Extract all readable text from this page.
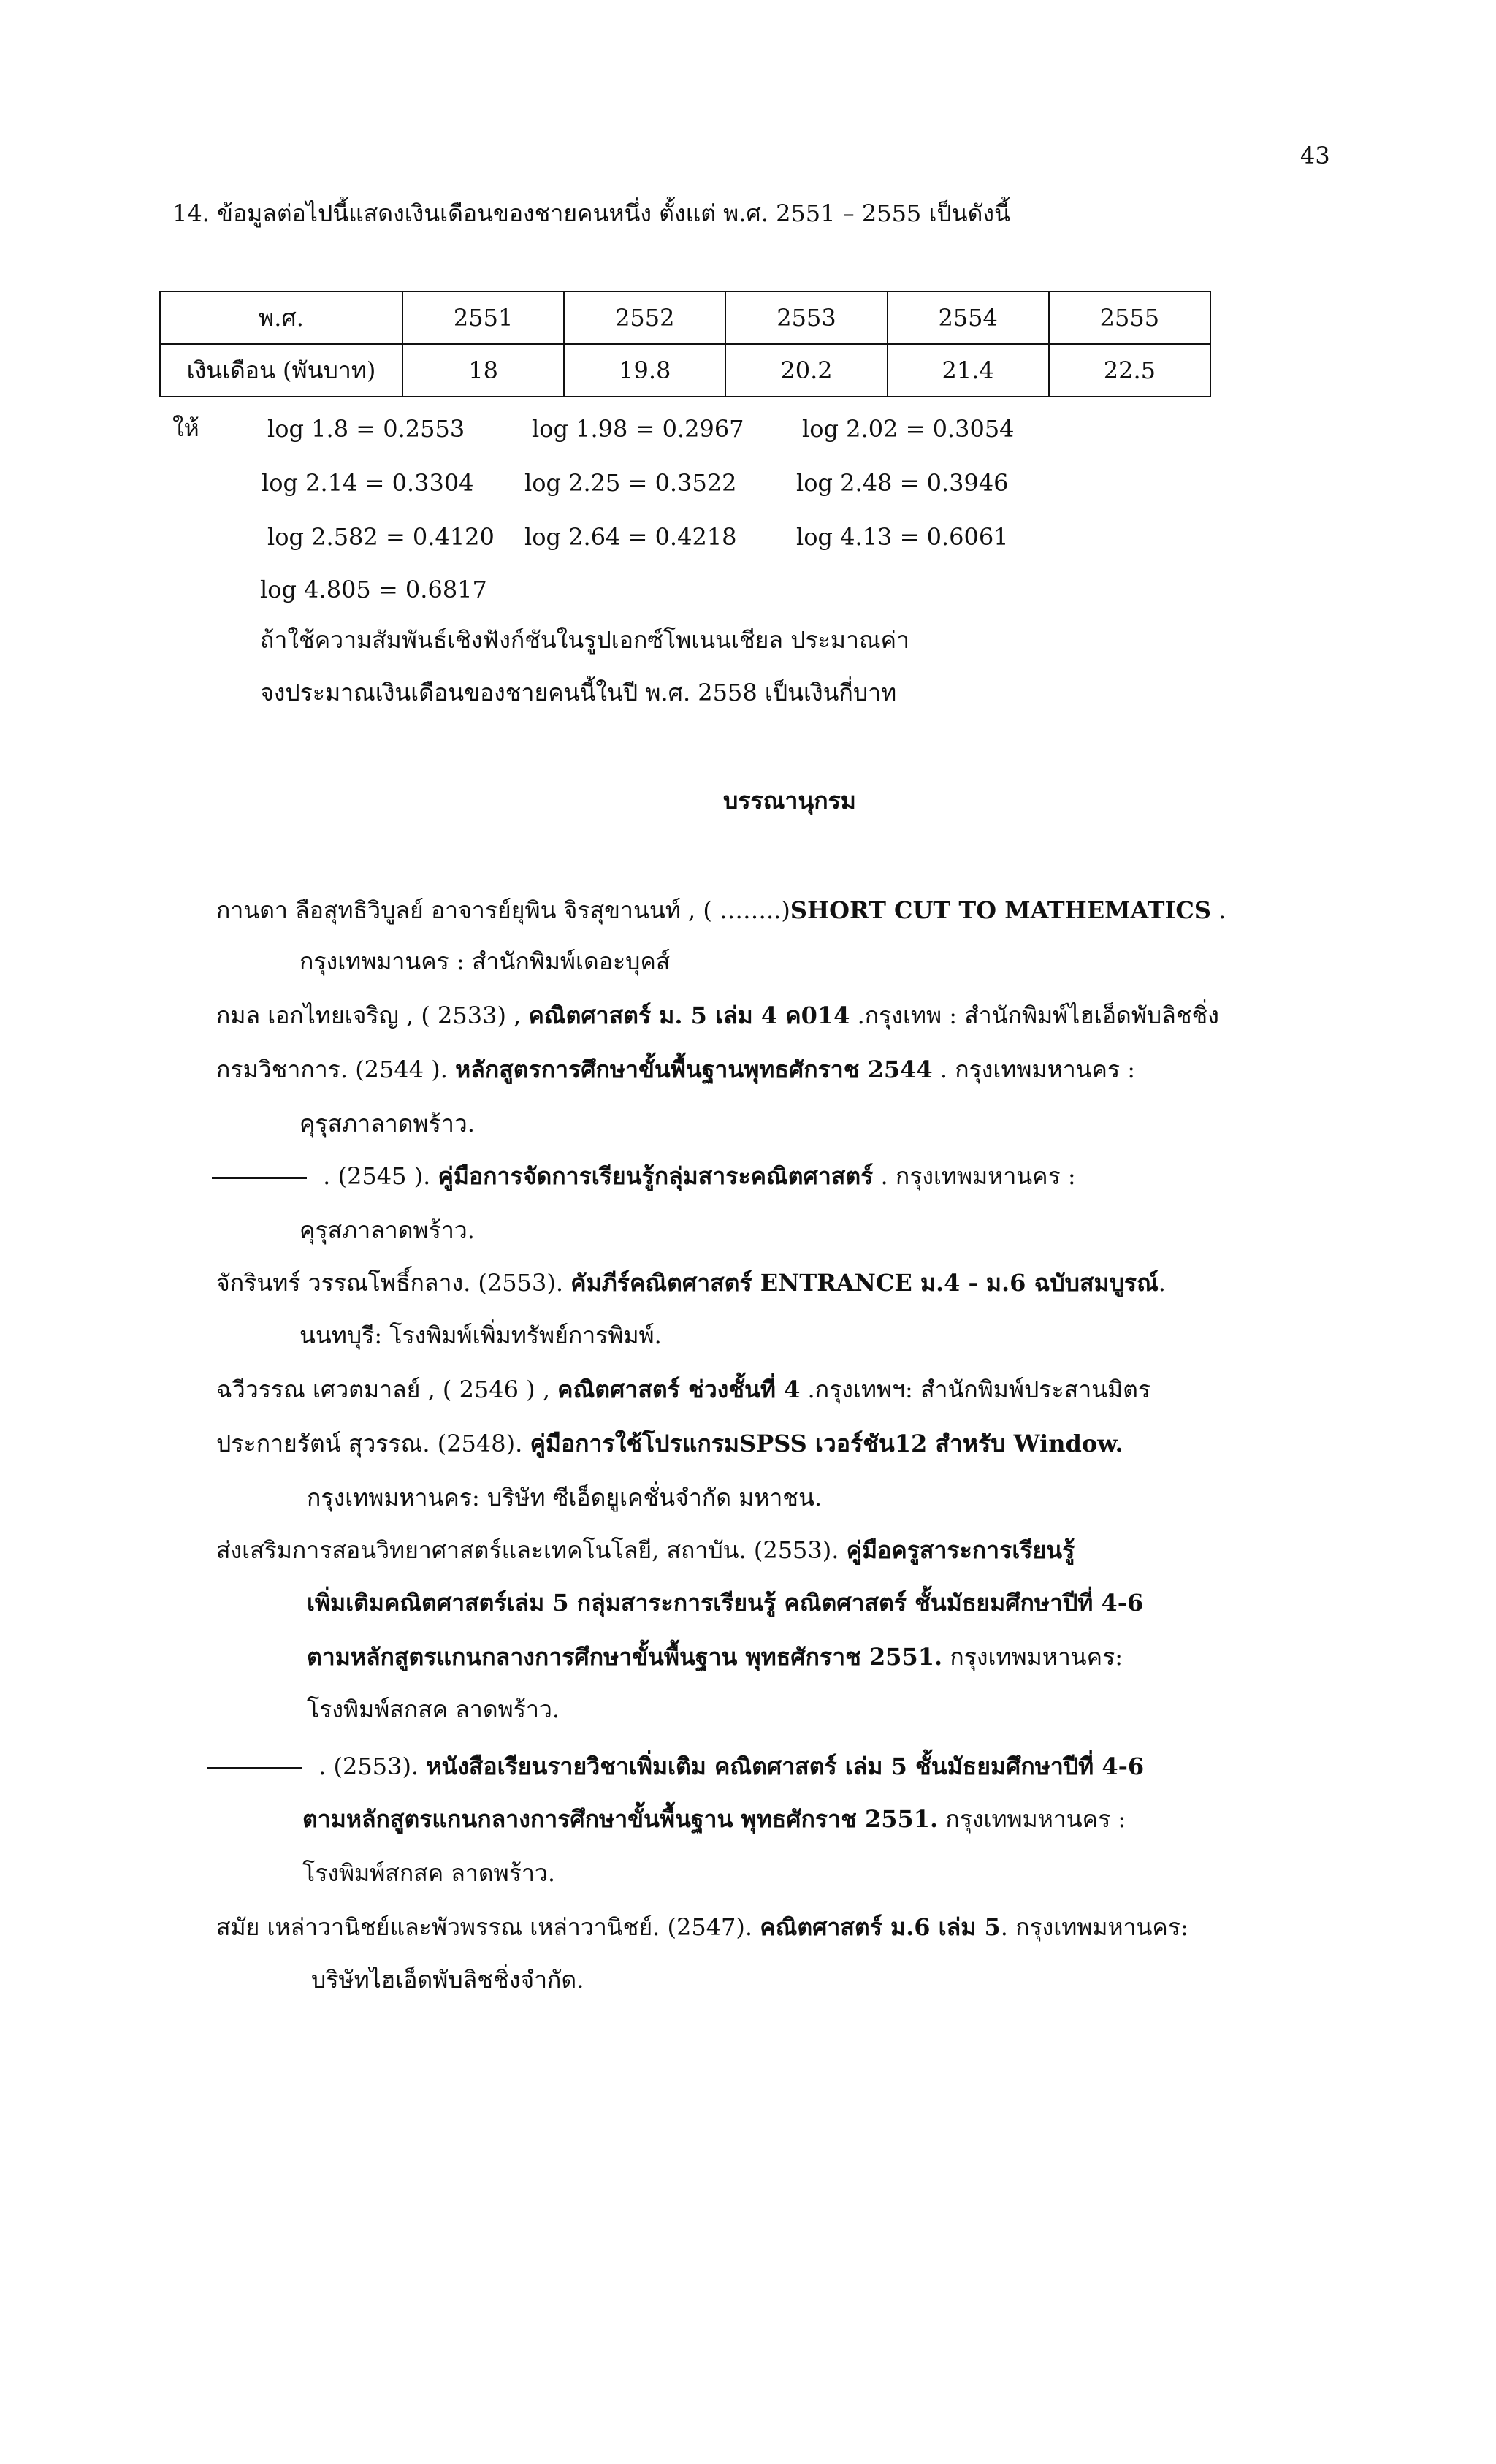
43
14. ข้อมูลต่อไปนี้แสดงเงินเดือนของชายคนหนึ่ง ตั้งแต่ พ.ศ. 2551 – 2555 เป็นดังนี้
พ.ศ.	2551	2552	2553	2554	2555
เงินเดือน (พันบาท)	18	19.8	20.2	21.4	22.5
ให้	log 1.8 = 0.2553	log 1.98 = 0.2967 log 2.02 = 0.3054
log 2.14 = 0.3304 log 2.25 = 0.3522	log 2.48 = 0.3946
log 2.582 = 0.4120 log 2.64 = 0.4218	log 4.13 = 0.6061
log 4.805 = 0.6817
ถ้าใช้ความสัมพันธ์เชิงฟังก์ชันในรูปเอกซ์โพเนนเชียล ประมาณค่า
จงประมาณเงินเดือนของชายคนนี้ในปี พ.ศ. 2558 เป็นเงินกี่บาท
บรรณานุกรม
กานดา ลือสุทธิวิบูลย์ อาจารย์ยุพิน จิรสุขานนท์ , ( ……..)SHORT CUT TO MATHEMATICS .
กรุงเทพมานคร : สำนักพิมพ์เดอะบุคส์
กมล เอกไทยเจริญ , ( 2533) , คณิตศาสตร์ ม. 5 เล่ม 4 ค014 .กรุงเทพ : สำนักพิมพ์ไฮเอ็ดพับลิชชิ่ง
กรมวิชาการ. (2544 ). หลักสูตรการศึกษาขั้นพื้นฐานพุทธศักราช 2544 . กรุงเทพมหานคร :
คุรุสภาลาดพร้าว.
. (2545 ). คู่มือการจัดการเรียนรู้กลุ่มสาระคณิตศาสตร์ . กรุงเทพมหานคร :
คุรุสภาลาดพร้าว.
จักรินทร์ วรรณโพธิ์กลาง. (2553). คัมภีร์คณิตศาสตร์ ENTRANCE ม.4 - ม.6 ฉบับสมบูรณ์.
นนทบุรี: โรงพิมพ์เพิ่มทรัพย์การพิมพ์.
ฉวีวรรณ เศวตมาลย์ , ( 2546 ) , คณิตศาสตร์ ช่วงชั้นที่ 4 .กรุงเทพฯ: สำนักพิมพ์ประสานมิตร
ประกายรัตน์ สุวรรณ. (2548). คู่มือการใช้โปรแกรมSPSS เวอร์ชัน12 สำหรับ Window.
กรุงเทพมหานคร: บริษัท ซีเอ็ดยูเคชั่นจำกัด มหาชน.
ส่งเสริมการสอนวิทยาศาสตร์และเทคโนโลยี, สถาบัน. (2553). คู่มือครูสาระการเรียนรู้
เพิ่มเติมคณิตศาสตร์เล่ม 5 กลุ่มสาระการเรียนรู้ คณิตศาสตร์ ชั้นมัธยมศึกษาปีที่ 4-6
ตามหลักสูตรแกนกลางการศึกษาขั้นพื้นฐาน พุทธศักราช 2551. กรุงเทพมหานคร:
โรงพิมพ์สกสค ลาดพร้าว.
. (2553). หนังสือเรียนรายวิชาเพิ่มเติม คณิตศาสตร์ เล่ม 5 ชั้นมัธยมศึกษาปีที่ 4-6
ตามหลักสูตรแกนกลางการศึกษาขั้นพื้นฐาน พุทธศักราช 2551. กรุงเทพมหานคร :
โรงพิมพ์สกสค ลาดพร้าว.
สมัย เหล่าวานิชย์และพัวพรรณ เหล่าวานิชย์. (2547). คณิตศาสตร์ ม.6 เล่ม 5. กรุงเทพมหานคร:
บริษัทไฮเอ็ดพับลิชชิ่งจำกัด.
